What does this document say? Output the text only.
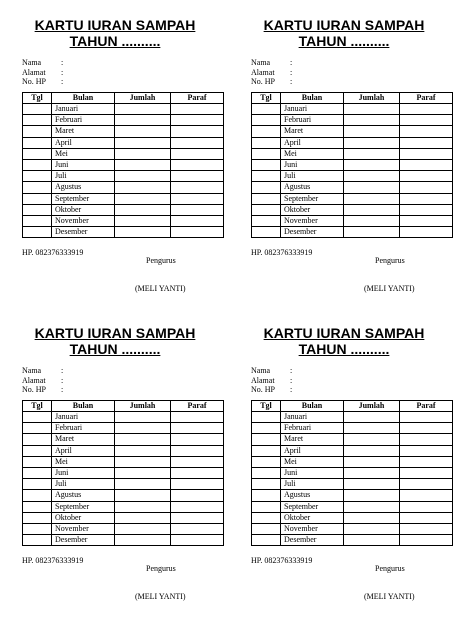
KARTU IURAN SAMPAH
TAHUN ..........
Nama	:
Alamat	:
No. HP	:
Tgl	Bulan	Jumlah	Paraf
	Januari		
	Februari		
	Maret		
	April		
	Mei		
	Juni		
	Juli		
	Agustus		
	September		
	Oktober		
	November		
	Desember		
HP. 082376333919
Pengurus
(MELI YANTI)
KARTU IURAN SAMPAH
TAHUN ..........
Nama	:
Alamat	:
No. HP	:
Tgl	Bulan	Jumlah	Paraf
	Januari		
	Februari		
	Maret		
	April		
	Mei		
	Juni		
	Juli		
	Agustus		
	September		
	Oktober		
	November		
	Desember		
HP. 082376333919
Pengurus
(MELI YANTI)
KARTU IURAN SAMPAH
TAHUN ..........
Nama	:
Alamat	:
No. HP	:
Tgl	Bulan	Jumlah	Paraf
	Januari		
	Februari		
	Maret		
	April		
	Mei		
	Juni		
	Juli		
	Agustus		
	September		
	Oktober		
	November		
	Desember		
HP. 082376333919
Pengurus
(MELI YANTI)
KARTU IURAN SAMPAH
TAHUN ..........
Nama	:
Alamat	:
No. HP	:
Tgl	Bulan	Jumlah	Paraf
	Januari		
	Februari		
	Maret		
	April		
	Mei		
	Juni		
	Juli		
	Agustus		
	September		
	Oktober		
	November		
	Desember		
HP. 082376333919
Pengurus
(MELI YANTI)
